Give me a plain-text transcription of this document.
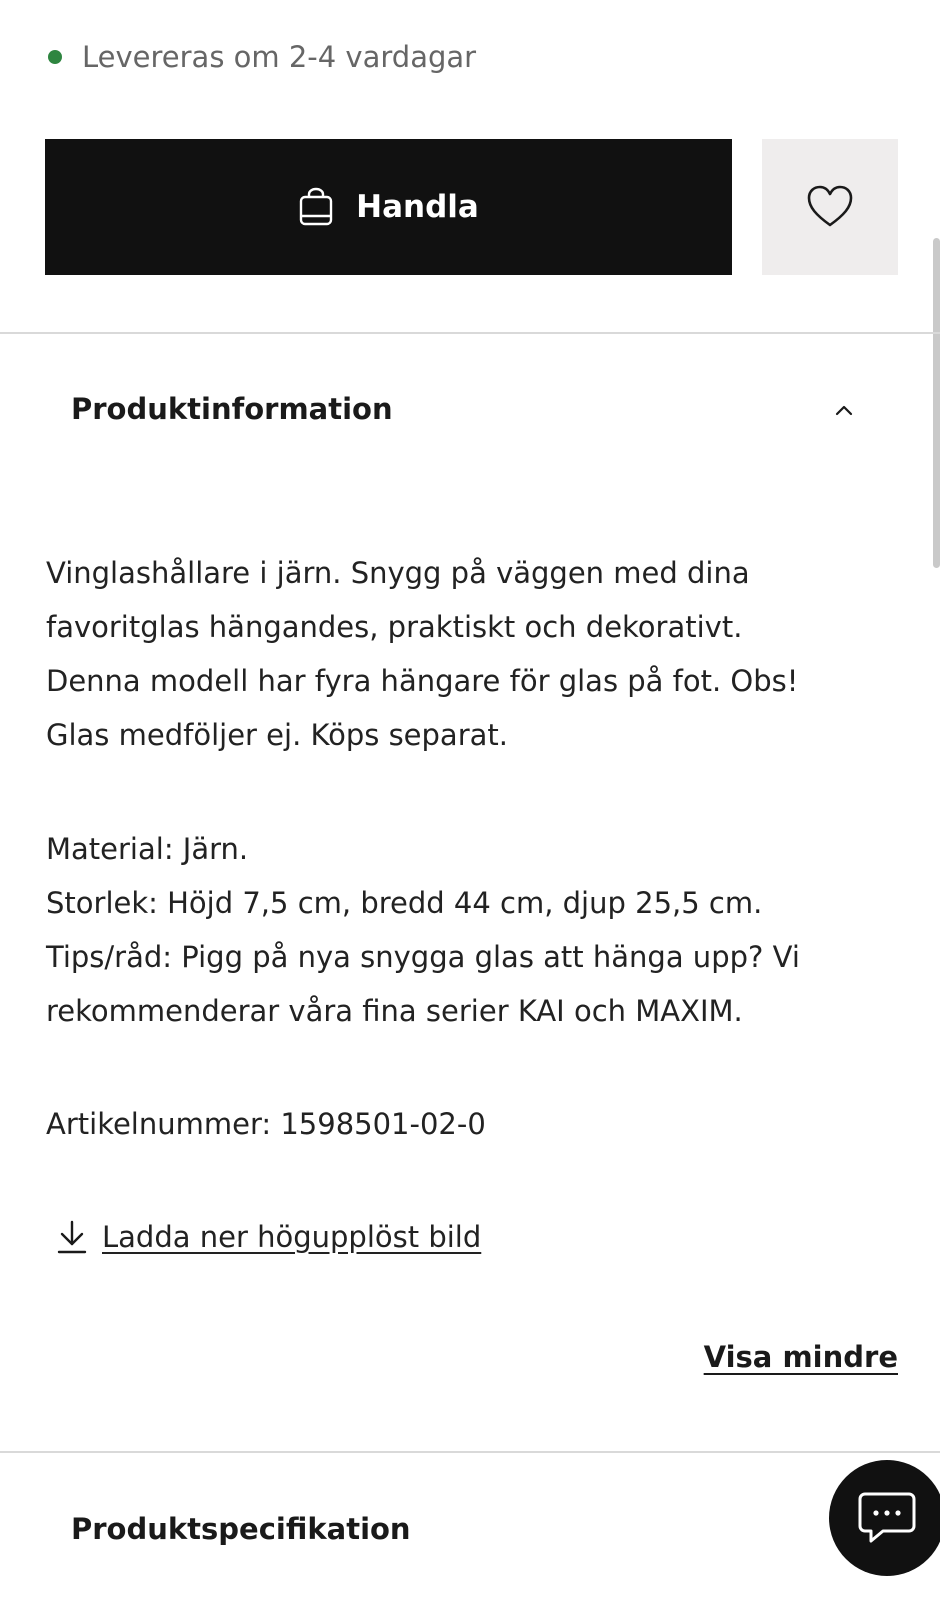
Levereras om 2-4 vardagar
Handla
Produktinformation

Vinglashållare i järn. Snygg på väggen med dina

favoritglas hängandes, praktiskt och dekorativt.

Denna modell har fyra hängare för glas på fot. Obs!

Glas medföljer ej. Köps separat.

Material: Järn.

Storlek: Höjd 7,5 cm, bredd 44 cm, djup 25,5 cm.

Tips/råd: Pigg på nya snygga glas att hänga upp? Vi

rekommenderar våra fina serier KAI och MAXIM.

Artikelnummer: 1598501-02-0
Ladda ner högupplöst bild
Visa mindre
Produktspecifikation
